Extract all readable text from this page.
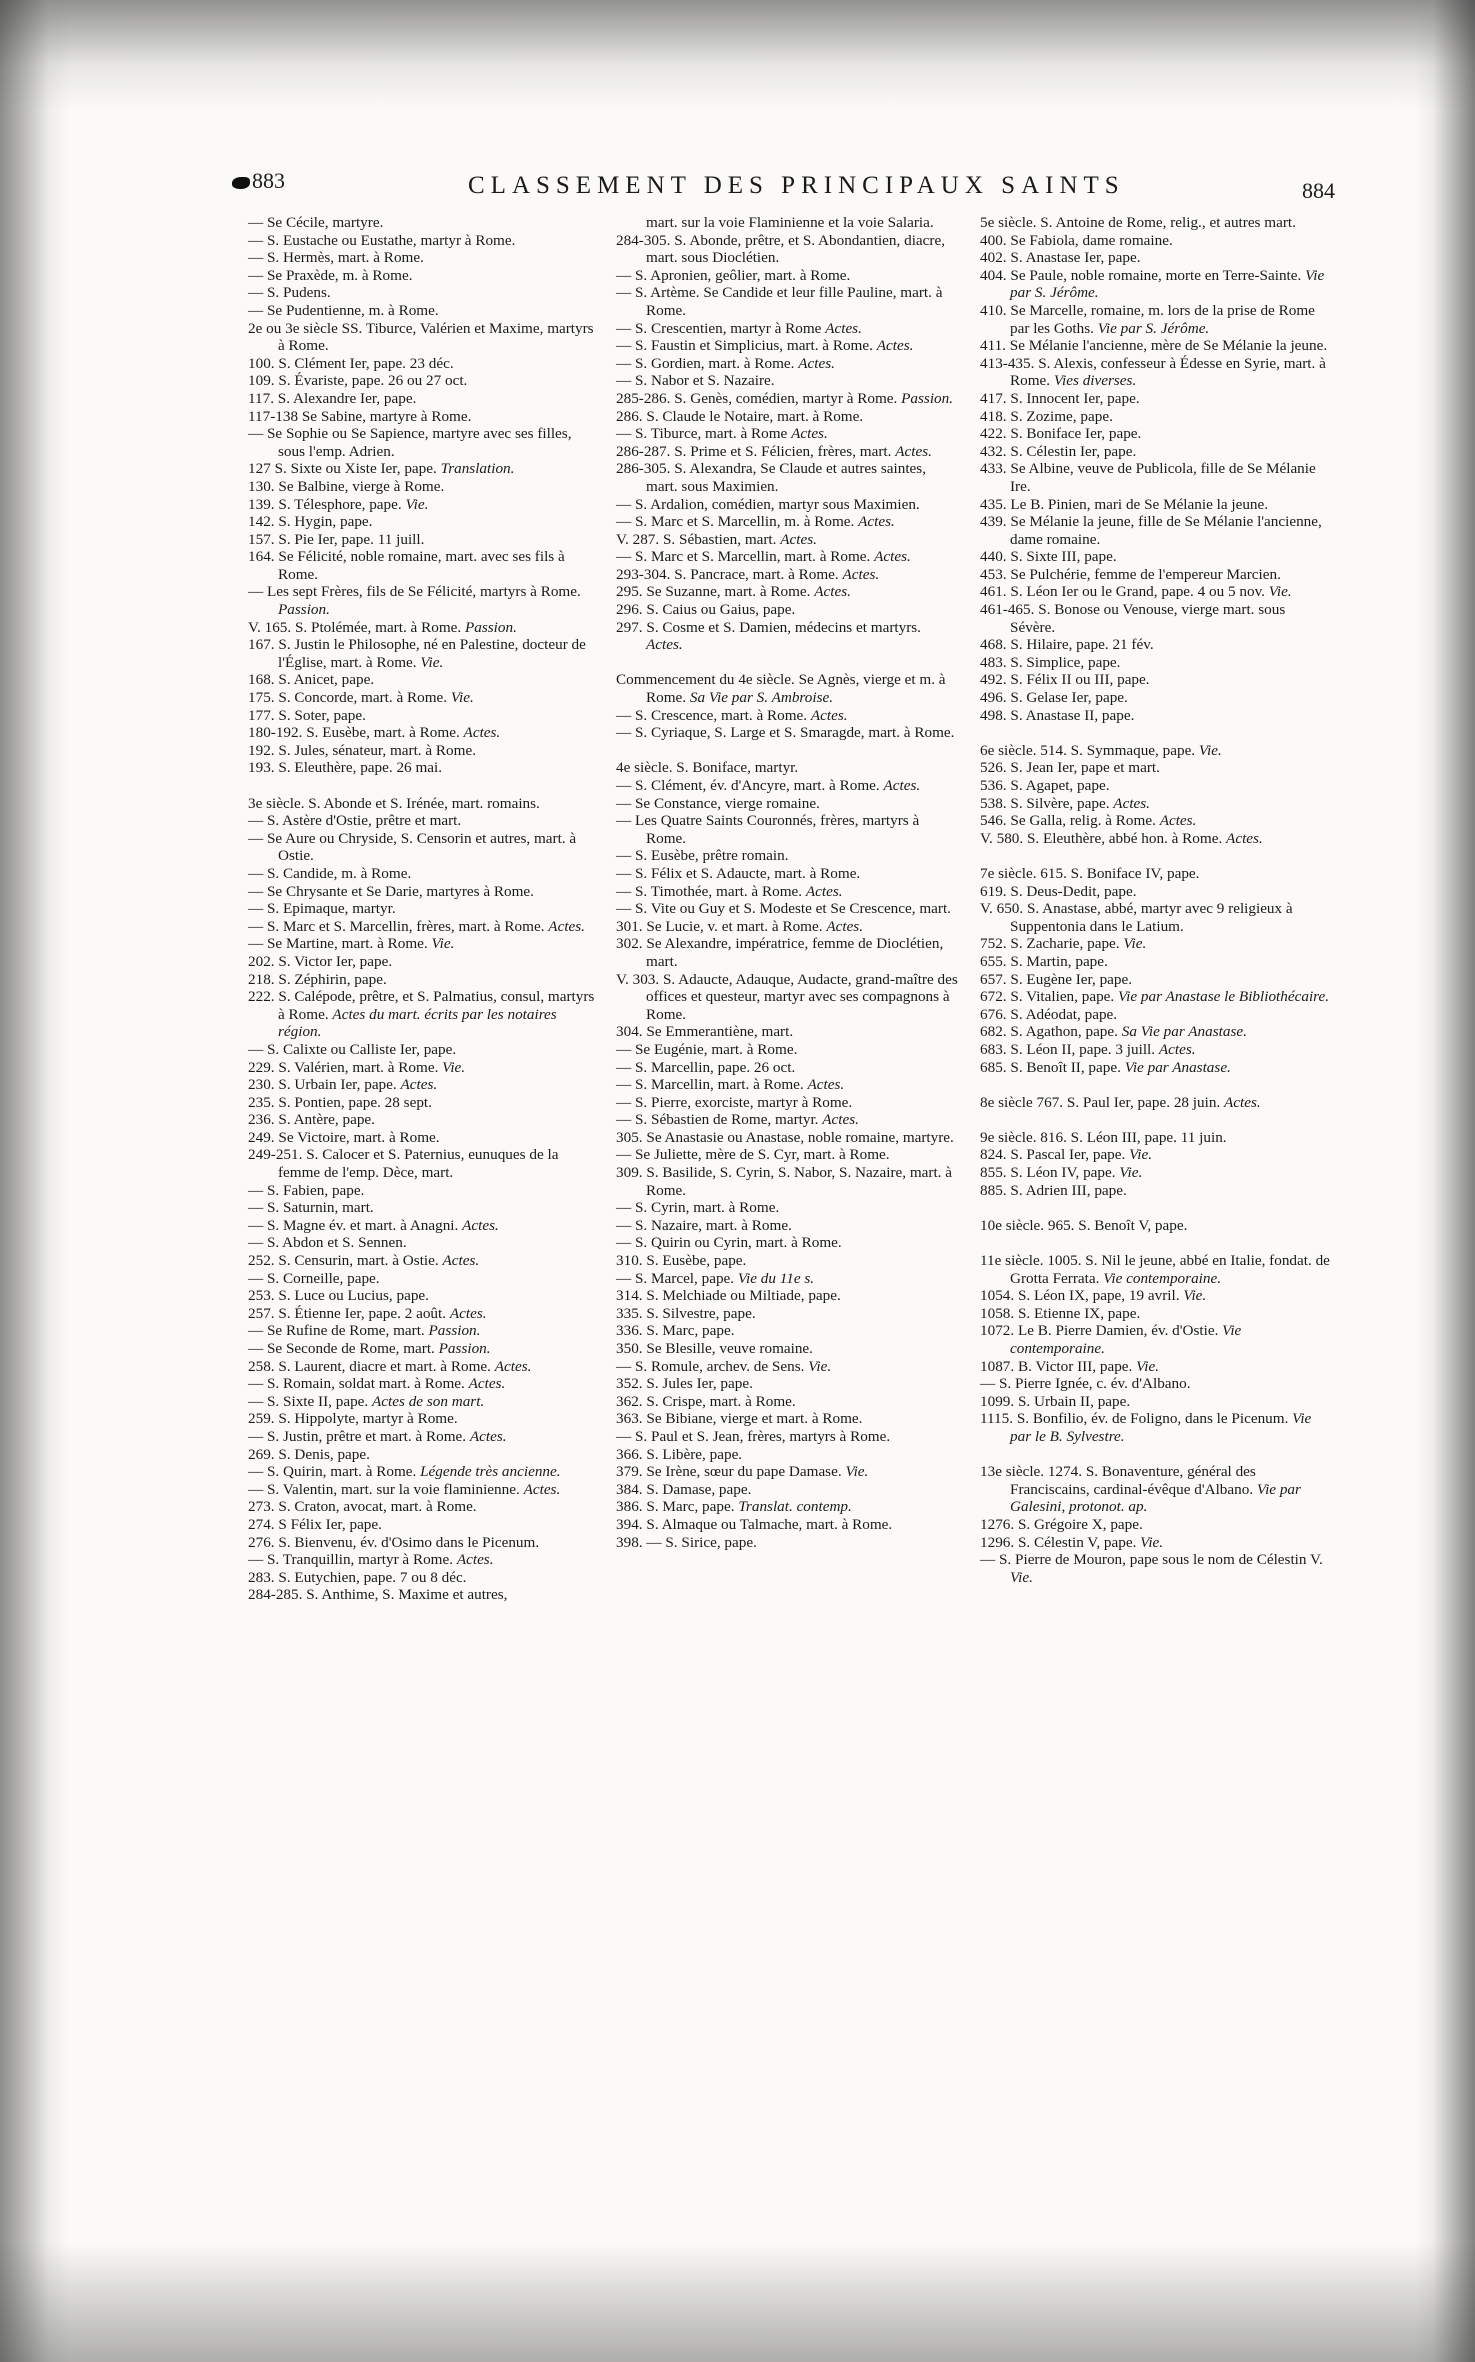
883	CLASSEMENT DES PRINCIPAUX SAINTS	884

— Se Cécile, martyre.

— S. Eustache ou Eustathe, martyr à Rome.

— S. Hermès, mart. à Rome.

— Se Praxède, m. à Rome.

— S. Pudens.

— Se Pudentienne, m. à Rome.

2e ou 3e siècle SS. Tiburce, Valérien et Maxime, martyrs à Rome.

100. S. Clément Ier, pape. 23 déc.

109. S. Évariste, pape. 26 ou 27 oct.

117. S. Alexandre Ier, pape.

117-138 Se Sabine, martyre à Rome.

— Se Sophie ou Se Sapience, martyre avec ses filles, sous l'emp. Adrien.

127 S. Sixte ou Xiste Ier, pape. Translation.

130. Se Balbine, vierge à Rome.

139. S. Télesphore, pape. Vie.

142. S. Hygin, pape.

157. S. Pie Ier, pape. 11 juill.

164. Se Félicité, noble romaine, mart. avec ses fils à Rome.

— Les sept Frères, fils de Se Félicité, martyrs à Rome. Passion.

V. 165. S. Ptolémée, mart. à Rome. Passion.

167. S. Justin le Philosophe, né en Palestine, docteur de l'Église, mart. à Rome. Vie.

168. S. Anicet, pape.

175. S. Concorde, mart. à Rome. Vie.

177. S. Soter, pape.

180-192. S. Eusèbe, mart. à Rome. Actes.

192. S. Jules, sénateur, mart. à Rome.

193. S. Eleuthère, pape. 26 mai.

3e siècle. S. Abonde et S. Irénée, mart. romains.

— S. Astère d'Ostie, prêtre et mart.

— Se Aure ou Chryside, S. Censorin et autres, mart. à Ostie.

— S. Candide, m. à Rome.

— Se Chrysante et Se Darie, martyres à Rome.

— S. Epimaque, martyr.

— S. Marc et S. Marcellin, frères, mart. à Rome. Actes.

— Se Martine, mart. à Rome. Vie.

202. S. Victor Ier, pape.

218. S. Zéphirin, pape.

222. S. Calépode, prêtre, et S. Palmatius, consul, martyrs à Rome. Actes du mart. écrits par les notaires région.

— S. Calixte ou Calliste Ier, pape.

229. S. Valérien, mart. à Rome. Vie.

230. S. Urbain Ier, pape. Actes.

235. S. Pontien, pape. 28 sept.

236. S. Antère, pape.

249. Se Victoire, mart. à Rome.

249-251. S. Calocer et S. Paternius, eunuques de la femme de l'emp. Dèce, mart.

— S. Fabien, pape.

— S. Saturnin, mart.

— S. Magne év. et mart. à Anagni. Actes.

— S. Abdon et S. Sennen.

252. S. Censurin, mart. à Ostie. Actes.

— S. Corneille, pape.

253. S. Luce ou Lucius, pape.

257. S. Étienne Ier, pape. 2 août. Actes.

— Se Rufine de Rome, mart. Passion.

— Se Seconde de Rome, mart. Passion.

258. S. Laurent, diacre et mart. à Rome. Actes.

— S. Romain, soldat mart. à Rome. Actes.

— S. Sixte II, pape. Actes de son mart.

259. S. Hippolyte, martyr à Rome.

— S. Justin, prêtre et mart. à Rome. Actes.

269. S. Denis, pape.

— S. Quirin, mart. à Rome. Légende très ancienne.

— S. Valentin, mart. sur la voie flaminienne. Actes.

273. S. Craton, avocat, mart. à Rome.

274. S Félix Ier, pape.

276. S. Bienvenu, év. d'Osimo dans le Picenum.

— S. Tranquillin, martyr à Rome. Actes.

283. S. Eutychien, pape. 7 ou 8 déc.

284-285. S. Anthime, S. Maxime et autres,

mart. sur la voie Flaminienne et la voie Salaria.

284-305. S. Abonde, prêtre, et S. Abondantien, diacre, mart. sous Dioclétien.

— S. Apronien, geôlier, mart. à Rome.

— S. Artème. Se Candide et leur fille Pauline, mart. à Rome.

— S. Crescentien, martyr à Rome Actes.

— S. Faustin et Simplicius, mart. à Rome. Actes.

— S. Gordien, mart. à Rome. Actes.

— S. Nabor et S. Nazaire.

285-286. S. Genès, comédien, martyr à Rome. Passion.

286. S. Claude le Notaire, mart. à Rome.

— S. Tiburce, mart. à Rome Actes.

286-287. S. Prime et S. Félicien, frères, mart. Actes.

286-305. S. Alexandra, Se Claude et autres saintes, mart. sous Maximien.

— S. Ardalion, comédien, martyr sous Maximien.

— S. Marc et S. Marcellin, m. à Rome. Actes.

V. 287. S. Sébastien, mart. Actes.

— S. Marc et S. Marcellin, mart. à Rome. Actes.

293-304. S. Pancrace, mart. à Rome. Actes.

295. Se Suzanne, mart. à Rome. Actes.

296. S. Caius ou Gaius, pape.

297. S. Cosme et S. Damien, médecins et martyrs. Actes.

Commencement du 4e siècle. Se Agnès, vierge et m. à Rome. Sa Vie par S. Ambroise.

— S. Crescence, mart. à Rome. Actes.

— S. Cyriaque, S. Large et S. Smaragde, mart. à Rome.

4e siècle. S. Boniface, martyr.

— S. Clément, év. d'Ancyre, mart. à Rome. Actes.

— Se Constance, vierge romaine.

— Les Quatre Saints Couronnés, frères, martyrs à Rome.

— S. Eusèbe, prêtre romain.

— S. Félix et S. Adaucte, mart. à Rome.

— S. Timothée, mart. à Rome. Actes.

— S. Vite ou Guy et S. Modeste et Se Crescence, mart.

301. Se Lucie, v. et mart. à Rome. Actes.

302. Se Alexandre, impératrice, femme de Dioclétien, mart.

V. 303. S. Adaucte, Adauque, Audacte, grand-maître des offices et questeur, martyr avec ses compagnons à Rome.

304. Se Emmerantiène, mart.

— Se Eugénie, mart. à Rome.

— S. Marcellin, pape. 26 oct.

— S. Marcellin, mart. à Rome. Actes.

— S. Pierre, exorciste, martyr à Rome.

— S. Sébastien de Rome, martyr. Actes.

305. Se Anastasie ou Anastase, noble romaine, martyre.

— Se Juliette, mère de S. Cyr, mart. à Rome.

309. S. Basilide, S. Cyrin, S. Nabor, S. Nazaire, mart. à Rome.

— S. Cyrin, mart. à Rome.

— S. Nazaire, mart. à Rome.

— S. Quirin ou Cyrin, mart. à Rome.

310. S. Eusèbe, pape.

— S. Marcel, pape. Vie du 11e s.

314. S. Melchiade ou Miltiade, pape.

335. S. Silvestre, pape.

336. S. Marc, pape.

350. Se Blesille, veuve romaine.

— S. Romule, archev. de Sens. Vie.

352. S. Jules Ier, pape.

362. S. Crispe, mart. à Rome.

363. Se Bibiane, vierge et mart. à Rome.

— S. Paul et S. Jean, frères, martyrs à Rome.

366. S. Libère, pape.

379. Se Irène, sœur du pape Damase. Vie.

384. S. Damase, pape.

386. S. Marc, pape. Translat. contemp.

394. S. Almaque ou Talmache, mart. à Rome.

398. — S. Sirice, pape.

5e siècle. S. Antoine de Rome, relig., et autres mart.

400. Se Fabiola, dame romaine.

402. S. Anastase Ier, pape.

404. Se Paule, noble romaine, morte en Terre-Sainte. Vie par S. Jérôme.

410. Se Marcelle, romaine, m. lors de la prise de Rome par les Goths. Vie par S. Jérôme.

411. Se Mélanie l'ancienne, mère de Se Mélanie la jeune.

413-435. S. Alexis, confesseur à Édesse en Syrie, mart. à Rome. Vies diverses.

417. S. Innocent Ier, pape.

418. S. Zozime, pape.

422. S. Boniface Ier, pape.

432. S. Célestin Ier, pape.

433. Se Albine, veuve de Publicola, fille de Se Mélanie Ire.

435. Le B. Pinien, mari de Se Mélanie la jeune.

439. Se Mélanie la jeune, fille de Se Mélanie l'ancienne, dame romaine.

440. S. Sixte III, pape.

453. Se Pulchérie, femme de l'empereur Marcien.

461. S. Léon Ier ou le Grand, pape. 4 ou 5 nov. Vie.

461-465. S. Bonose ou Venouse, vierge mart. sous Sévère.

468. S. Hilaire, pape. 21 fév.

483. S. Simplice, pape.

492. S. Félix II ou III, pape.

496. S. Gelase Ier, pape.

498. S. Anastase II, pape.

6e siècle. 514. S. Symmaque, pape. Vie.

526. S. Jean Ier, pape et mart.

536. S. Agapet, pape.

538. S. Silvère, pape. Actes.

546. Se Galla, relig. à Rome. Actes.

V. 580. S. Eleuthère, abbé hon. à Rome. Actes.

7e siècle. 615. S. Boniface IV, pape.

619. S. Deus-Dedit, pape.

V. 650. S. Anastase, abbé, martyr avec 9 religieux à Suppentonia dans le Latium.

752. S. Zacharie, pape. Vie.

655. S. Martin, pape.

657. S. Eugène Ier, pape.

672. S. Vitalien, pape. Vie par Anastase le Bibliothécaire.

676. S. Adéodat, pape.

682. S. Agathon, pape. Sa Vie par Anastase.

683. S. Léon II, pape. 3 juill. Actes.

685. S. Benoît II, pape. Vie par Anastase.

8e siècle 767. S. Paul Ier, pape. 28 juin. Actes.

9e siècle. 816. S. Léon III, pape. 11 juin.

824. S. Pascal Ier, pape. Vie.

855. S. Léon IV, pape. Vie.

885. S. Adrien III, pape.

10e siècle. 965. S. Benoît V, pape.

11e siècle. 1005. S. Nil le jeune, abbé en Italie, fondat. de Grotta Ferrata. Vie contemporaine.

1054. S. Léon IX, pape, 19 avril. Vie.

1058. S. Etienne IX, pape.

1072. Le B. Pierre Damien, év. d'Ostie. Vie contemporaine.

1087. B. Victor III, pape. Vie.

— S. Pierre Ignée, c. év. d'Albano.

1099. S. Urbain II, pape.

1115. S. Bonfilio, év. de Foligno, dans le Picenum. Vie par le B. Sylvestre.

13e siècle. 1274. S. Bonaventure, général des Franciscains, cardinal-évêque d'Albano. Vie par Galesini, protonot. ap.

1276. S. Grégoire X, pape.

1296. S. Célestin V, pape. Vie.

— S. Pierre de Mouron, pape sous le nom de Célestin V. Vie.
